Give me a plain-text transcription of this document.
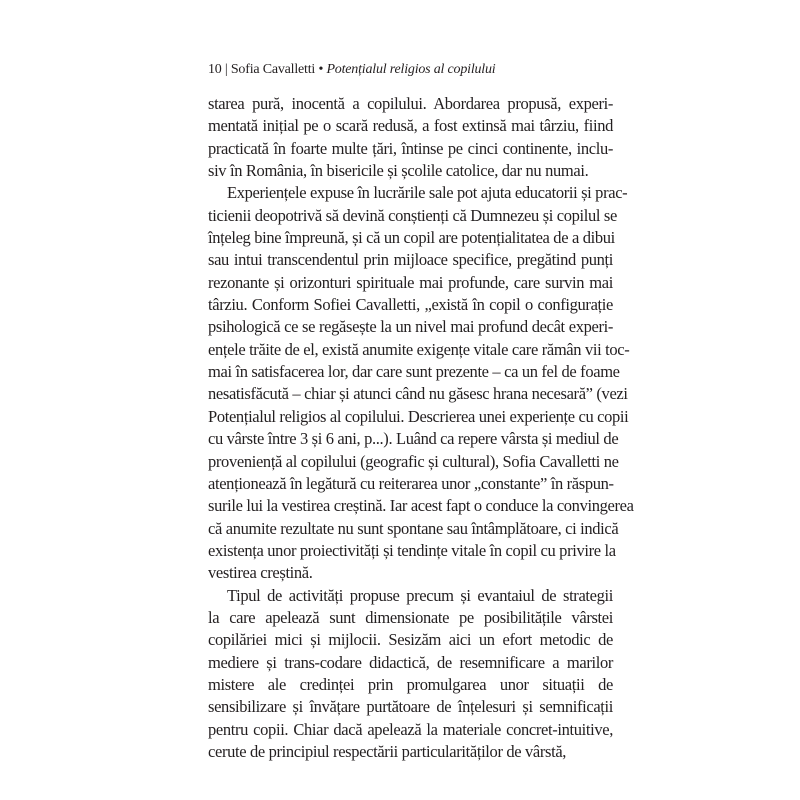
10 | Sofia Cavalletti • Potențialul religios al copilului
starea pură, inocentă a copilului. Abordarea propusă, experi-
mentată inițial pe o scară redusă, a fost extinsă mai târziu, fiind
practicată în foarte multe țări, întinse pe cinci continente, inclu-
siv în România, în bisericile și școlile catolice, dar nu numai.
Experiențele expuse în lucrările sale pot ajuta educatorii și prac-
ticienii deopotrivă să devină conștienți că Dumnezeu și copilul se
înțeleg bine împreună, și că un copil are potențialitatea de a dibui
sau intui transcendentul prin mijloace specifice, pregătind punți
rezonante și orizonturi spirituale mai profunde, care survin mai
târziu. Conform Sofiei Cavalletti, „există în copil o configurație
psihologică ce se regăsește la un nivel mai profund decât experi-
ențele trăite de el, există anumite exigențe vitale care rămân vii toc-
mai în satisfacerea lor, dar care sunt prezente – ca un fel de foame
nesatisfăcută – chiar și atunci când nu găsesc hrana necesară” (vezi
Potențialul religios al copilului. Descrierea unei experiențe cu copii
cu vârste între 3 și 6 ani, p...). Luând ca repere vârsta și mediul de
proveniență al copilului (geografic și cultural), Sofia Cavalletti ne
atenționează în legătură cu reiterarea unor „constante” în răspun-
surile lui la vestirea creștină. Iar acest fapt o conduce la convingerea
că anumite rezultate nu sunt spontane sau întâmplătoare, ci indică
existența unor proiectivități și tendințe vitale în copil cu privire la
vestirea creștină.
Tipul de activități propuse precum și evantaiul de strategii
la care apelează sunt dimensionate pe posibilitățile vârstei
copilăriei mici și mijlocii. Sesizăm aici un efort metodic de
mediere și trans-codare didactică, de resemnificare a marilor
mistere ale credinței prin promulgarea unor situații de
sensibilizare și învățare purtătoare de înțelesuri și semnificații
pentru copii. Chiar dacă apelează la materiale concret-intuitive,
cerute de principiul respectării particularităților de vârstă,
